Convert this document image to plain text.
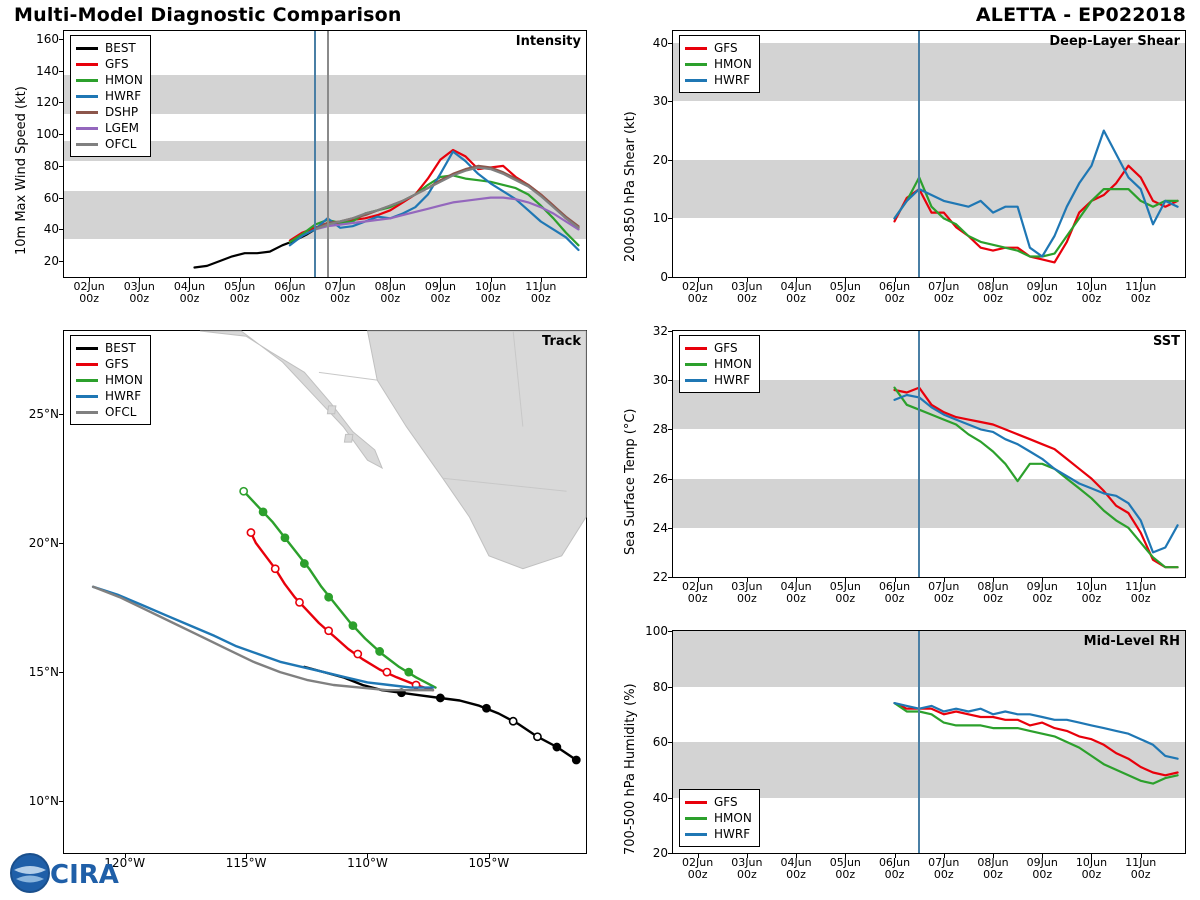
Multi-Model Diagnostic Comparison	ALETTA - EP022018
Intensity
20
40
60
80
100
120
140
160
02Jun
00z
03Jun
00z
04Jun
00z
05Jun
00z
06Jun
00z
07Jun
00z
08Jun
00z
09Jun
00z
10Jun
00z
11Jun
00z
BEST
GFS
HMON
HWRF
DSHP
LGEM
OFCL
10m Max Wind Speed (kt)
Track
10°N
15°N
20°N
25°N
120°W	115°W	110°W	105°W
BEST
GFS
HMON
HWRF
OFCL
Deep-Layer Shear
0
10
20
30
40
02Jun
00z
03Jun
00z
04Jun
00z
05Jun
00z
06Jun
00z
07Jun
00z
08Jun
00z
09Jun
00z
10Jun
00z
11Jun
00z
GFS
HMON
HWRF
200-850 hPa Shear (kt)
SST
22
24
26
28
30
32
02Jun
00z
03Jun
00z
04Jun
00z
05Jun
00z
06Jun
00z
07Jun
00z
08Jun
00z
09Jun
00z
10Jun
00z
11Jun
00z
GFS
HMON
HWRF
Sea Surface Temp (°C)
Mid-Level RH
20
40
60
80
100
02Jun
00z
03Jun
00z
04Jun
00z
05Jun
00z
06Jun
00z
07Jun
00z
08Jun
00z
09Jun
00z
10Jun
00z
11Jun
00z
GFS
HMON
HWRF
700-500 hPa Humidity (%)
CIRA
